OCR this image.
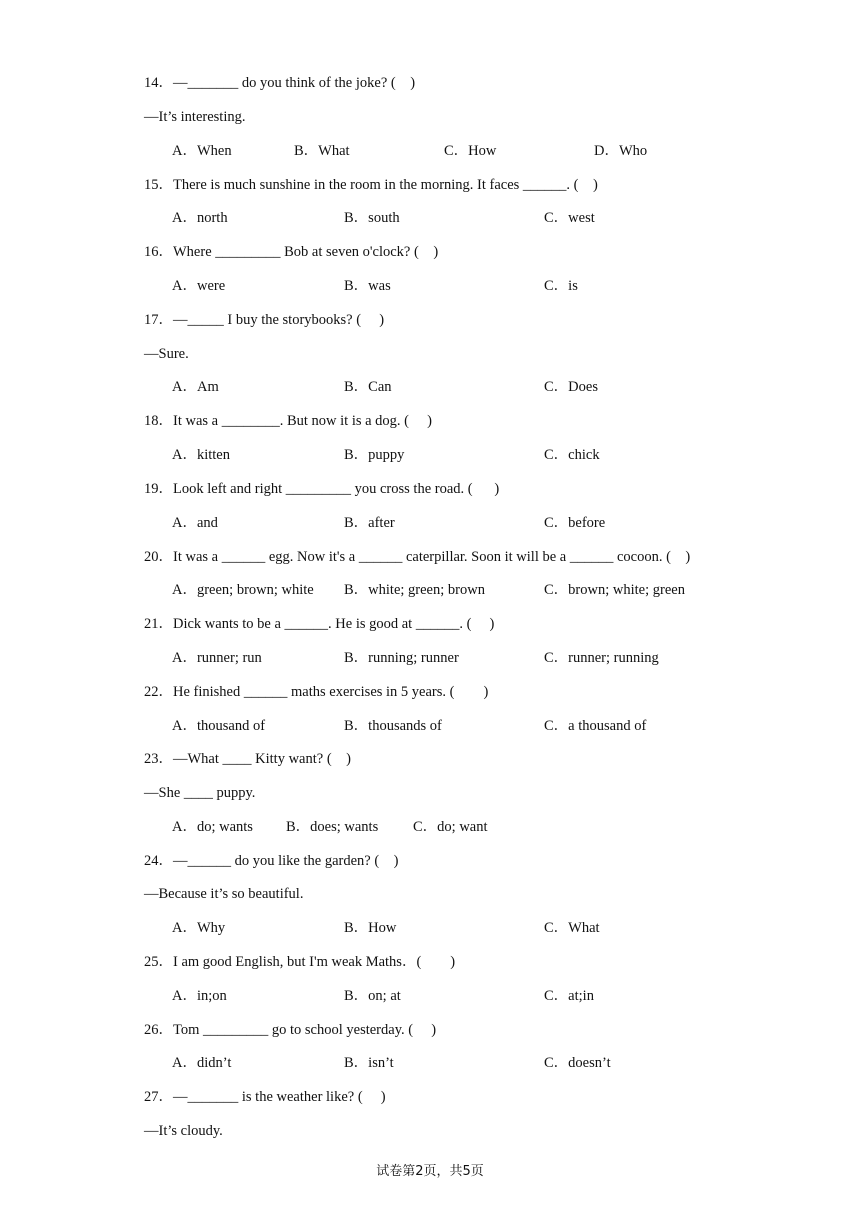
14．—_______ do you think of the joke? (    )
—It’s interesting.
A．When	B．What	C．How	D．Who
15．There is much sunshine in the room in the morning. It faces ______. (    )
A．north	B．south	C．west
16．Where _________ Bob at seven o'clock? (    )
A．were	B．was	C．is
17．—_____ I buy the storybooks? (     )
—Sure.
A．Am	B．Can	C．Does
18．It was a ________. But now it is a dog. (     )
A．kitten	B．puppy	C．chick
19．Look left and right _________ you cross the road. (      )
A．and	B．after	C．before
20．It was a ______ egg. Now it's a ______ caterpillar. Soon it will be a ______ cocoon. (    )
A．green; brown; white B．white; green; brown	C．brown; white; green
21．Dick wants to be a ______. He is good at ______. (     )
A．runner; run	B．running; runner	C．runner; running
22．He finished ______ maths exercises in 5 years. (        )
A．thousand of	B．thousands of	C．a thousand of
23．—What ____ Kitty want? (    )
—She ____ puppy.
A．do; wants B．does; wants C．do; want
24．—______ do you like the garden? (    )
—Because it’s so beautiful.
A．Why	B．How	C．What
25．I am good English, but I'm weak Maths．(        )
A．in;on	B．on; at	C．at;in
26．Tom _________ go to school yesterday. (     )
A．didn’t	B．isn’t	C．doesn’t
27．—_______ is the weather like? (     )
—It’s cloudy.
试卷第2页，共5页
